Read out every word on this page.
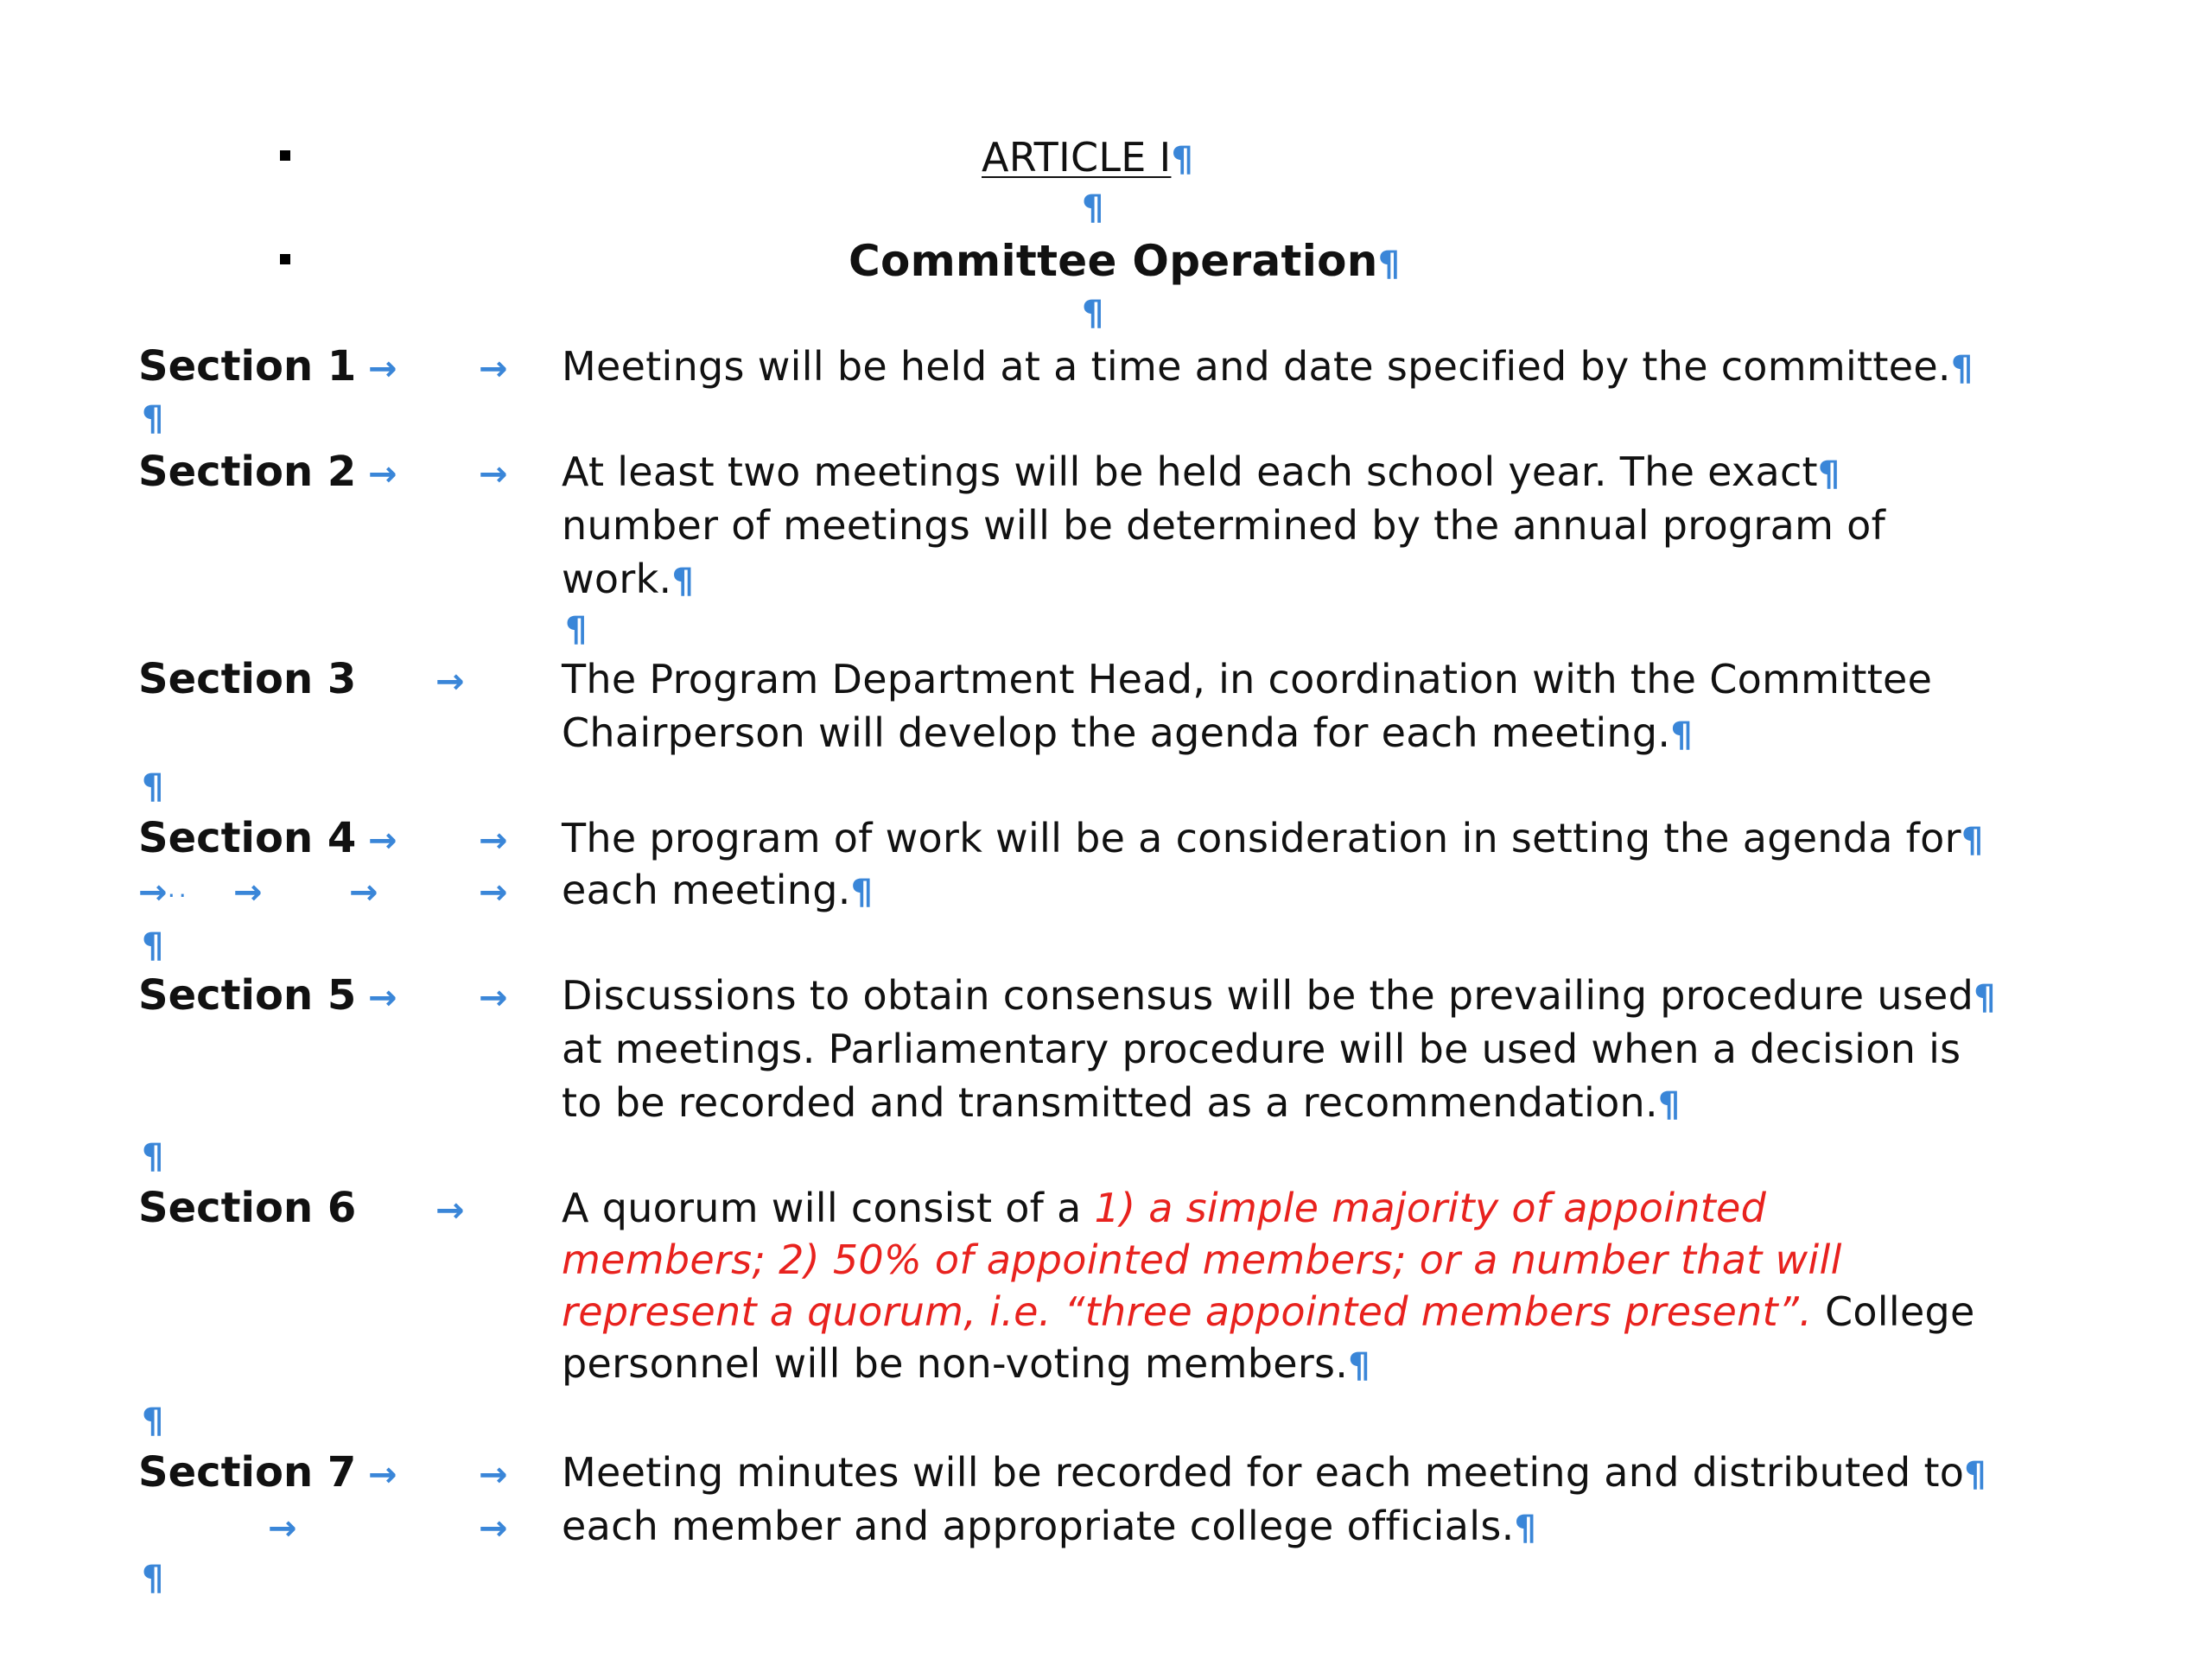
ARTICLE I¶
¶
Committee Operation¶
¶
Section 1 → → Meetings will be held at a time and date specified by the committee.¶
¶
Section 2 → → At least two meetings will be held each school year. The exact¶
number of meetings will be determined by the annual program of
work.¶
¶
Section 3 → The Program Department Head, in coordination with the Committee
Chairperson will develop the agenda for each meeting.¶
¶
Section 4 → → The program of work will be a consideration in setting the agenda for¶
→·· →	→	→ each meeting.¶
¶
Section 5 → → Discussions to obtain consensus will be the prevailing procedure used¶
at meetings. Parliamentary procedure will be used when a decision is
to be recorded and transmitted as a recommendation.¶
¶
Section 6 → A quorum will consist of a 1) a simple majority of appointed
members; 2) 50% of appointed members; or a number that will
represent a quorum, i.e. “three appointed members present”. College
personnel will be non-voting members.¶
¶
Section 7 → → Meeting minutes will be recorded for each meeting and distributed to¶
→	→ each member and appropriate college officials.¶
¶
